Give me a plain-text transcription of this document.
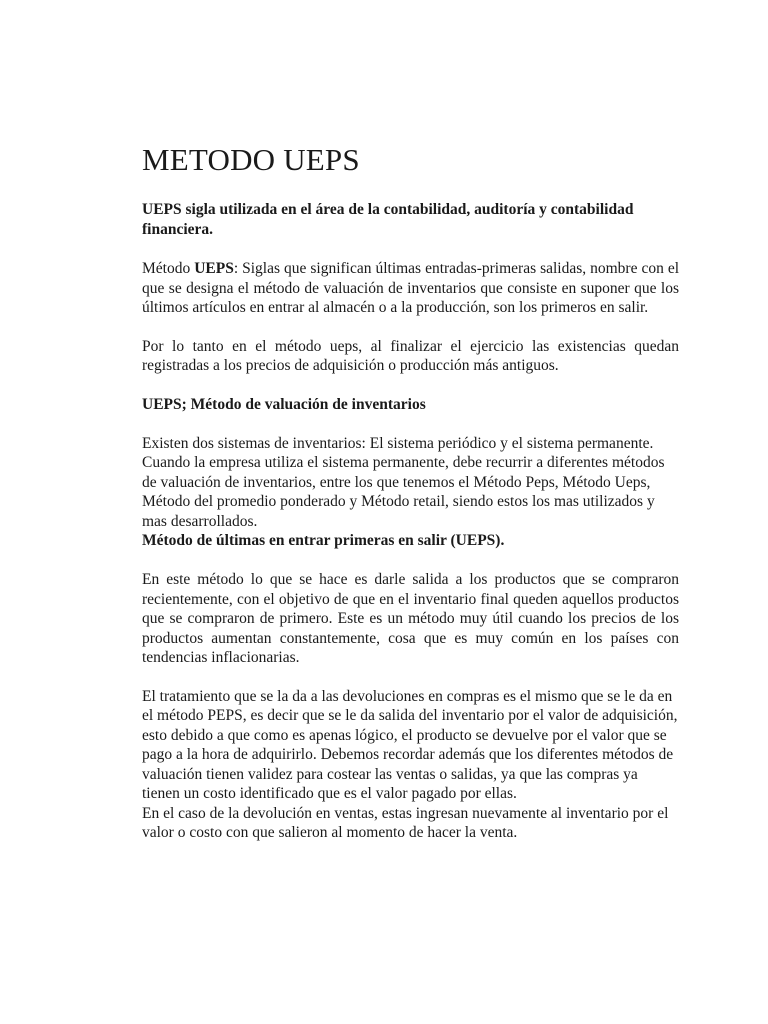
METODO UEPS
UEPS sigla utilizada en el área de la contabilidad, auditoría y contabilidad financiera.

Método UEPS: Siglas que significan últimas entradas-primeras salidas, nombre con el que se designa el método de valuación de inventarios que consiste en suponer que los últimos artículos en entrar al almacén o a la producción, son los primeros en salir.

Por lo tanto en el método ueps, al finalizar el ejercicio las existencias quedan registradas a los precios de adquisición o producción más antiguos.

UEPS; Método de valuación de inventarios

Existen dos sistemas de inventarios: El sistema periódico y el sistema permanente. Cuando la empresa utiliza el sistema permanente, debe recurrir a diferentes métodos de valuación de inventarios, entre los que tenemos el Método Peps, Método Ueps, Método del promedio ponderado y Método retail, siendo estos los mas utilizados y mas desarrollados.

Método de últimas en entrar primeras en salir (UEPS).

En este método lo que se hace es darle salida a los productos que se compraron recientemente, con el objetivo de que en el inventario final queden aquellos productos que se compraron de primero. Este es un método muy útil cuando los precios de los productos aumentan constantemente, cosa que es muy común en los países con tendencias inflacionarias.

El tratamiento que se la da a las devoluciones en compras es el mismo que se le da en el método PEPS, es decir que se le da salida del inventario por el valor de adquisición, esto debido a que como es apenas lógico, el producto se devuelve por el valor que se pago a la hora de adquirirlo. Debemos recordar además que los diferentes métodos de valuación tienen validez para costear las ventas o salidas, ya que las compras ya tienen un costo identificado que es el valor pagado por ellas.

En el caso de la devolución en ventas, estas ingresan nuevamente al inventario por el valor o costo con que salieron al momento de hacer la venta.
